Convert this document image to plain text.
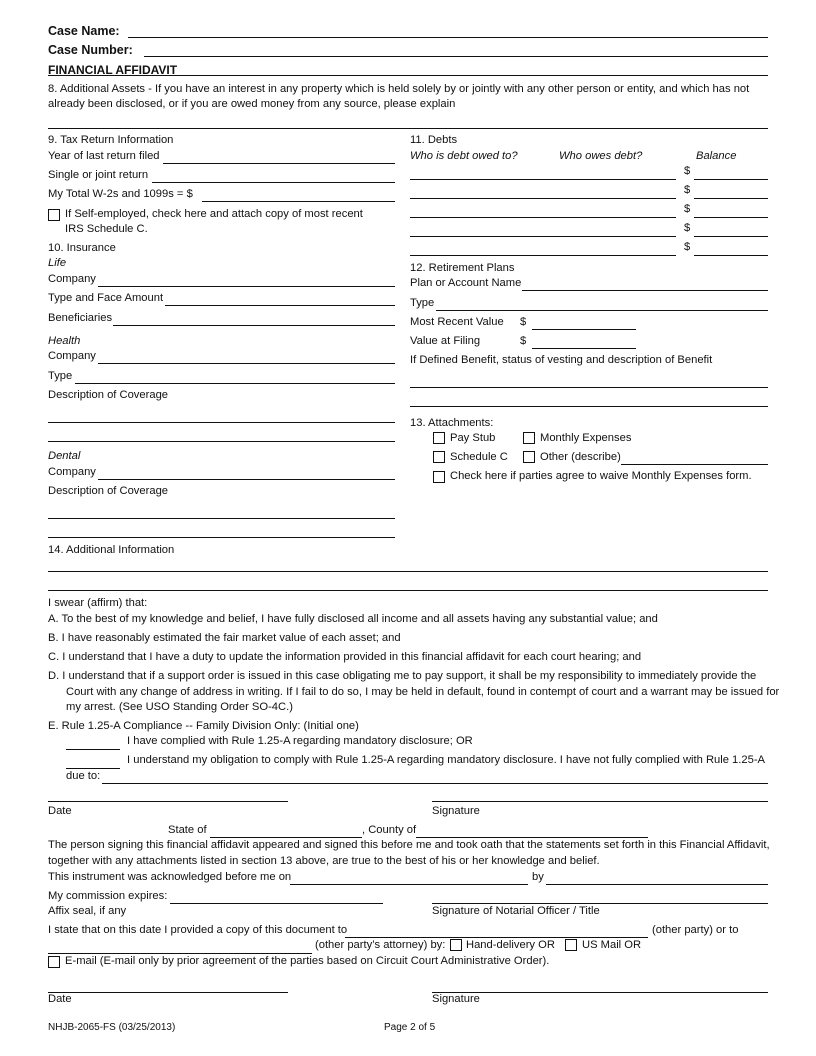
Case Name:
Case Number:
FINANCIAL AFFIDAVIT
8. Additional Assets - If you have an interest in any property which is held solely by or jointly with any other person or entity, and which has not already been disclosed, or if you are owed money from any source, please explain
9. Tax Return Information
Year of last return filed
Single or joint return
My Total W-2s and 1099s = $
If Self-employed, check here and attach copy of most recent
IRS Schedule C.
10. Insurance
Life
Company
Type and Face Amount
Beneficiaries
Health
Company
Type
Description of Coverage
Dental
Company
Description of Coverage
11. Debts
Who is debt owed to?	Who owes debt?	Balance
$
$
$
$
$
12. Retirement Plans
Plan or Account Name
Type
Most Recent Value $
Value at Filing	$
If Defined Benefit, status of vesting and description of Benefit
13. Attachments:
Pay Stub	Monthly Expenses
Schedule C	Other (describe)
Check here if parties agree to waive Monthly Expenses form.
14. Additional Information
I swear (affirm) that:
A. To the best of my knowledge and belief, I have fully disclosed all income and all assets having any substantial value; and
B. I have reasonably estimated the fair market value of each asset; and
C. I understand that I have a duty to update the information provided in this financial affidavit for each court hearing; and
D. I understand that if a support order is issued in this case obligating me to pay support, it shall be my responsibility to immediately provide the
Court with any change of address in writing. If I fail to do so, I may be held in default, found in contempt of court and a warrant may be issued for
my arrest. (See USO Standing Order SO-4C.)
E. Rule 1.25-A Compliance -- Family Division Only: (Initial one)
I have complied with Rule 1.25-A regarding mandatory disclosure; OR
I understand my obligation to comply with Rule 1.25-A regarding mandatory disclosure. I have not fully complied with Rule 1.25-A
due to:
Date	Signature
State of	, County of
The person signing this financial affidavit appeared and signed this before me and took oath that the statements set forth in this Financial Affidavit,
together with any attachments listed in section 13 above, are true to the best of his or her knowledge and belief.
This instrument was acknowledged before me on	by
My commission expires:
Affix seal, if any	Signature of Notarial Officer / Title
I state that on this date I provided a copy of this document to	(other party) or to
(other party’s attorney) by: Hand-delivery OR US Mail OR
E-mail (E-mail only by prior agreement of the parties based on Circuit Court Administrative Order).
Date	Signature
NHJB-2065-FS (03/25/2013)	Page 2 of 5
